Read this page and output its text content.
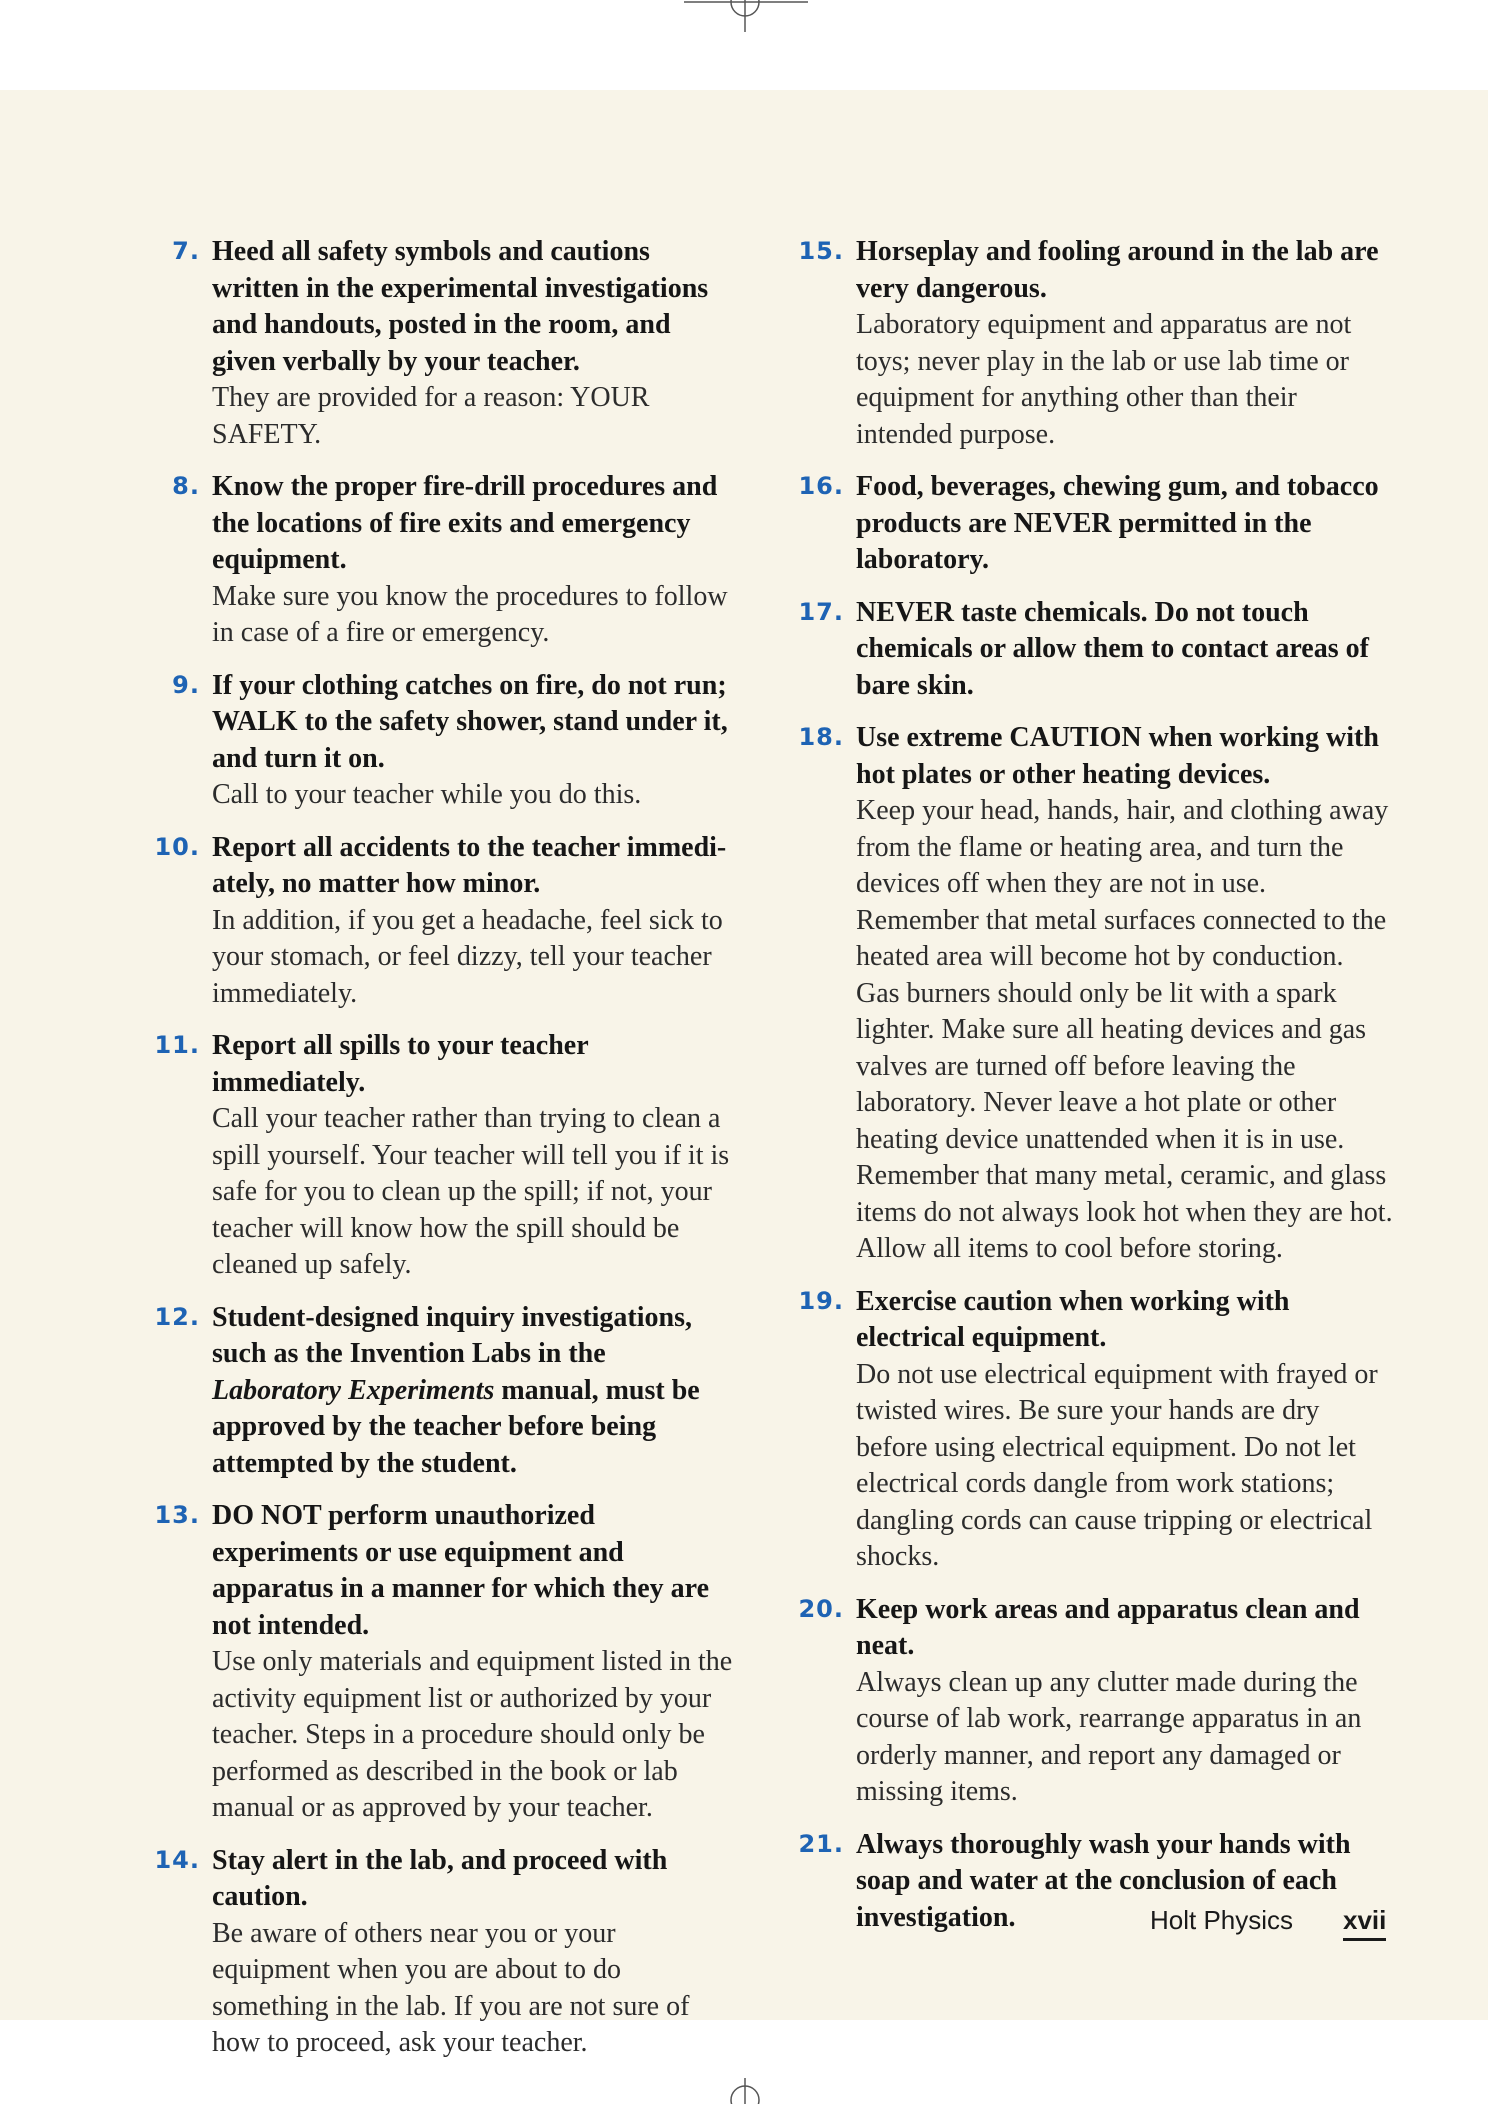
7. Heed all safety symbols and cautions written in the experimental investigations and handouts, posted in the room, and given verbally by your teacher.
They are provided for a reason: YOUR SAFETY.
8. Know the proper fire-drill procedures and the locations of fire exits and emergency equipment.
Make sure you know the procedures to follow in case of a fire or emergency.
9. If your clothing catches on fire, do not run; WALK to the safety shower, stand under it, and turn it on.
Call to your teacher while you do this.
10. Report all accidents to the teacher immedi-ately, no matter how minor.
In addition, if you get a headache, feel sick to your stomach, or feel dizzy, tell your teacher immediately.
11. Report all spills to your teacher immediately.
Call your teacher rather than trying to clean a spill yourself. Your teacher will tell you if it is safe for you to clean up the spill; if not, your teacher will know how the spill should be cleaned up safely.
12. Student-designed inquiry investigations, such as the Invention Labs in the Laboratory Experiments manual, must be approved by the teacher before being attempted by the student.
13. DO NOT perform unauthorized experiments or use equipment and apparatus in a manner for which they are not intended.
Use only materials and equipment listed in the activity equipment list or authorized by your teacher. Steps in a procedure should only be performed as described in the book or lab manual or as approved by your teacher.
14. Stay alert in the lab, and proceed with caution.
Be aware of others near you or your equipment when you are about to do something in the lab. If you are not sure of how to proceed, ask your teacher.
15. Horseplay and fooling around in the lab are very dangerous.
Laboratory equipment and apparatus are not toys; never play in the lab or use lab time or equipment for anything other than their intended purpose.
16. Food, beverages, chewing gum, and tobacco products are NEVER permitted in the laboratory.
17. NEVER taste chemicals. Do not touch chemicals or allow them to contact areas of bare skin.
18. Use extreme CAUTION when working with hot plates or other heating devices.
Keep your head, hands, hair, and clothing away from the flame or heating area, and turn the devices off when they are not in use. Remember that metal surfaces connected to the heated area will become hot by conduction. Gas burners should only be lit with a spark lighter. Make sure all heating devices and gas valves are turned off before leaving the laboratory. Never leave a hot plate or other heating device unattended when it is in use. Remember that many metal, ceramic, and glass items do not always look hot when they are hot. Allow all items to cool before storing.
19. Exercise caution when working with electrical equipment.
Do not use electrical equipment with frayed or twisted wires. Be sure your hands are dry before using electrical equipment. Do not let electrical cords dangle from work stations; dangling cords can cause tripping or electrical shocks.
20. Keep work areas and apparatus clean and neat.
Always clean up any clutter made during the course of lab work, rearrange apparatus in an orderly manner, and report any damaged or missing items.
21. Always thoroughly wash your hands with soap and water at the conclusion of each investigation.	Holt Physics xvii
